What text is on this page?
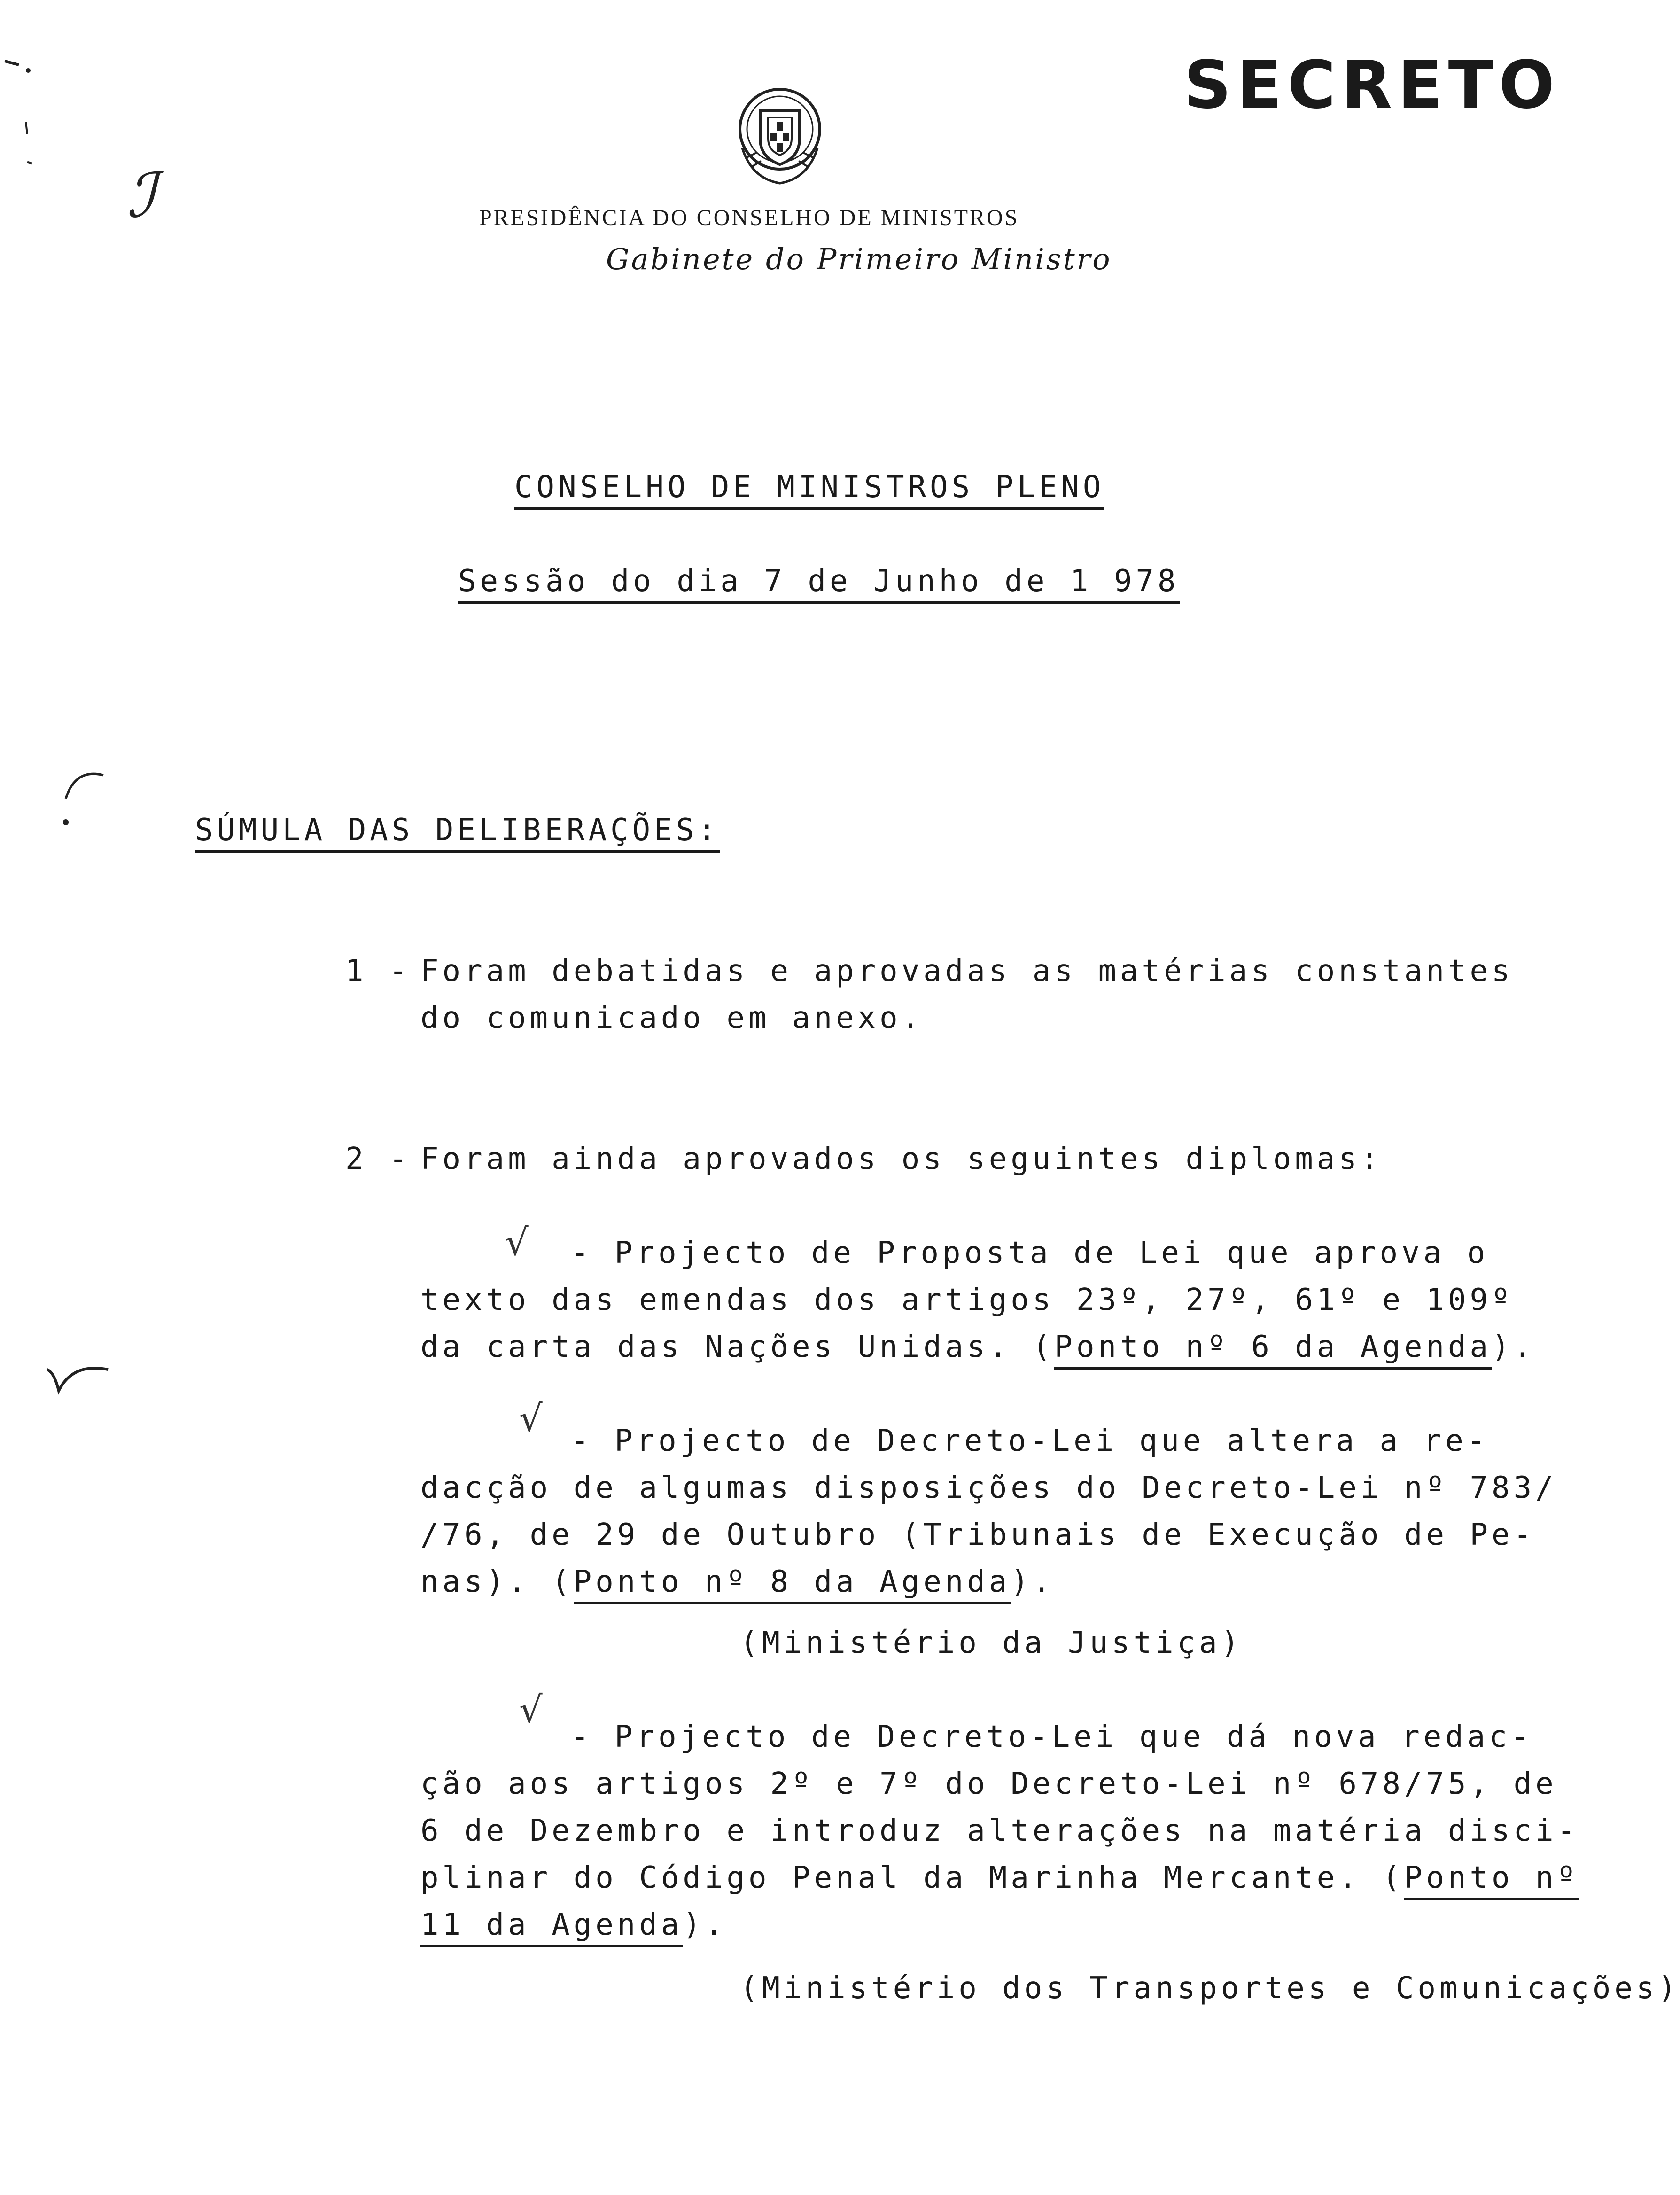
SECRETO
PRESIDÊNCIA DO CONSELHO DE MINISTROS
Gabinete do Primeiro Ministro
CONSELHO DE MINISTROS PLENO
Sessão do dia 7 de Junho de 1 978
SÚMULA DAS DELIBERAÇÕES:
1 - Foram debatidas e aprovadas as matérias constantes
do comunicado em anexo.
2 - Foram ainda aprovados os seguintes diplomas:
√ - Projecto de Proposta de Lei que aprova o
texto das emendas dos artigos 23º, 27º, 61º e 109º
da carta das Nações Unidas. (Ponto nº 6 da Agenda).
√
- Projecto de Decreto-Lei que altera a re-
dacção de algumas disposições do Decreto-Lei nº 783/
/76, de 29 de Outubro (Tribunais de Execução de Pe-
nas). (Ponto nº 8 da Agenda).
(Ministério da Justiça)
√
- Projecto de Decreto-Lei que dá nova redac-
ção aos artigos 2º e 7º do Decreto-Lei nº 678/75, de
6 de Dezembro e introduz alterações na matéria disci-
plinar do Código Penal da Marinha Mercante. (Ponto nº
11 da Agenda).
(Ministério dos Transportes e Comunicações)
ℐ
